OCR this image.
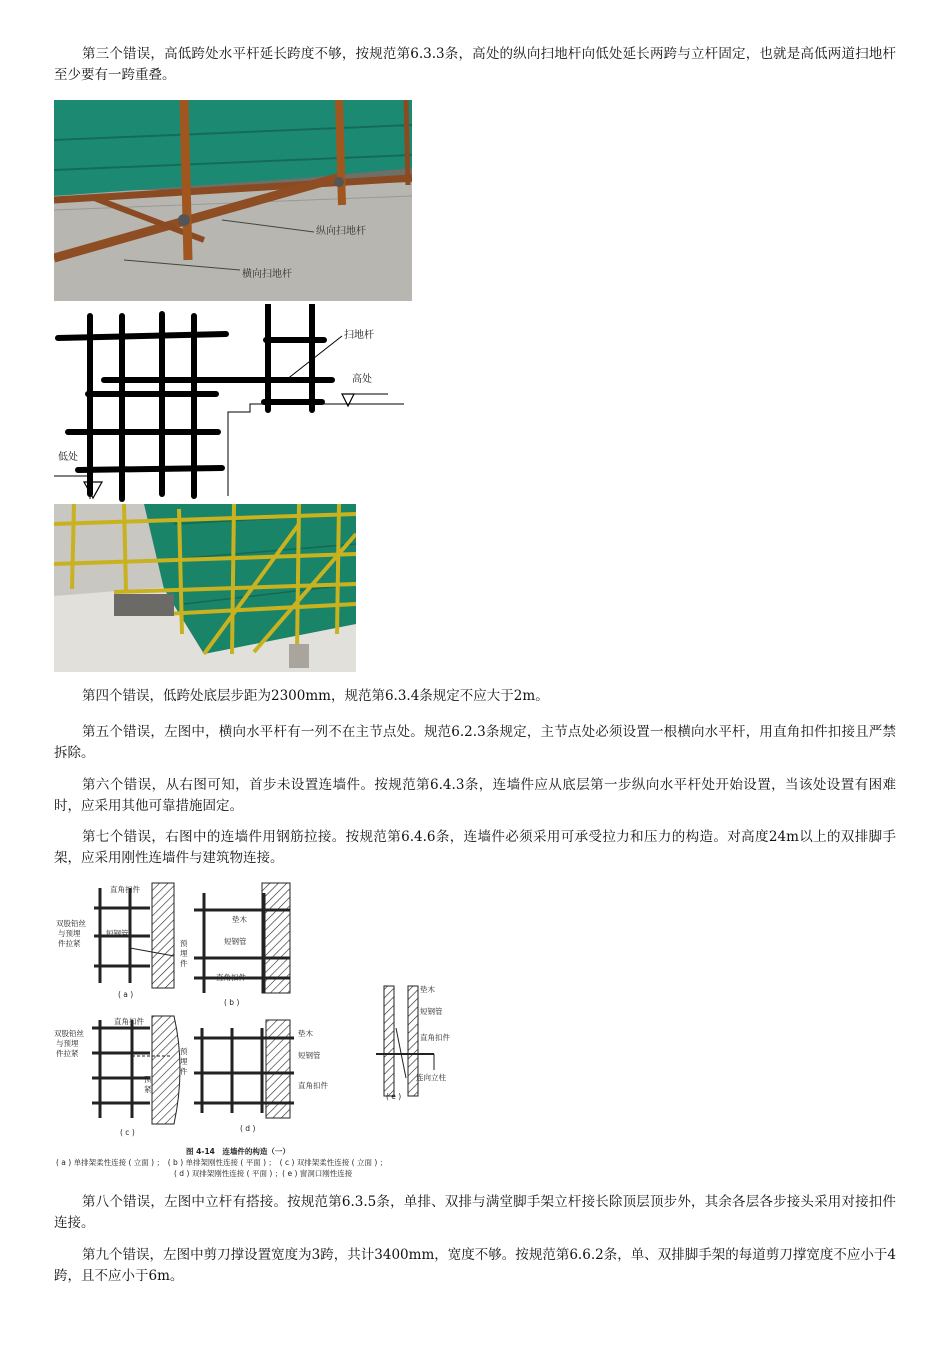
第三个错误，高低跨处水平杆延长跨度不够，按规范第6.3.3条，高处的纵向扫地杆向低处延长两跨与立杆固定，也就是高低两道扫地杆至少要有一跨重叠。

纵向扫地杆
横向扫地杆
扫地杆
高处
低处

第四个错误，低跨处底层步距为2300mm，规范第6.3.4条规定不应大于2m。

第五个错误，左图中，横向水平杆有一列不在主节点处。规范6.2.3条规定，主节点处必须设置一根横向水平杆，用直角扣件扣接且严禁拆除。

第六个错误，从右图可知，首步未设置连墙件。按规范第6.4.3条，连墙件应从底层第一步纵向水平杆处开始设置，当该处设置有困难时，应采用其他可靠措施固定。

第七个错误，右图中的连墙件用钢筋拉接。按规范第6.4.6条，连墙件必须采用可承受拉力和压力的构造。对高度24m以上的双排脚手架，应采用刚性连墙件与建筑物连接。

直角扣件
双股铅丝
与预埋
件拉紧
短钢管
预
埋
件
( a )
垫木
短钢管
直角扣件
( b )
双股铅丝
与预埋
件拉紧
直角扣件
预
埋
件
顶
紧
( c )
垫木
短钢管
直角扣件
( d )
垫木
短钢管
直角扣件
连向立柱
( e )
图 4-14　连墙件的构造（一）
( a ) 单排架柔性连接 ( 立面 ) ；　( b ) 单排架刚性连接 ( 平面 ) ；　( c ) 双排架柔性连接 ( 立面 ) ；
( d ) 双排架刚性连接 ( 平面 ) ；( e ) 窗洞口刚性连接

第八个错误，左图中立杆有搭接。按规范第6.3.5条，单排、双排与满堂脚手架立杆接长除顶层顶步外，其余各层各步接头采用对接扣件连接。

第九个错误，左图中剪刀撑设置宽度为3跨，共计3400mm，宽度不够。按规范第6.6.2条，单、双排脚手架的每道剪刀撑宽度不应小于4跨，且不应小于6m。
